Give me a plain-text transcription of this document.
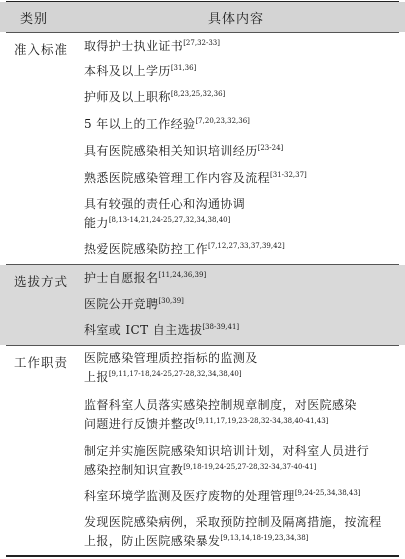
类别	具体内容
准入标准 取得护士执业证书[27,32-33]
本科及以上学历[31,36]
护师及以上职称[8,23,25,32,36]
5 年以上的工作经验[7,20,23,32,36]
具有医院感染相关知识培训经历[23-24]
熟悉医院感染管理工作内容及流程[31-32,37]
具有较强的责任心和沟通协调
能力[8,13-14,21,24-25,27,32,34,38,40]
热爱医院感染防控工作[7,12,27,33,37,39,42]
选拔方式 护士自愿报名[11,24,36,39]
医院公开竞聘[30,39]
科室或 ICT 自主选拔[38-39,41]
工作职责 医院感染管理质控指标的监测及
上报[9,11,17-18,24-25,27-28,32,34,38,40]
监督科室人员落实感染控制规章制度，对医院感染
问题进行反馈并整改[9,11,17,19,23-28,32-34,38,40-41,43]
制定并实施医院感染知识培训计划，对科室人员进行
感染控制知识宣教[9,18-19,24-25,27-28,32-34,37-40-41]
科室环境学监测及医疗废物的处理管理[9,24-25,34,38,43]
发现医院感染病例，采取预防控制及隔离措施，按流程
上报，防止医院感染暴发[9,13,14,18-19,23,34,38]
